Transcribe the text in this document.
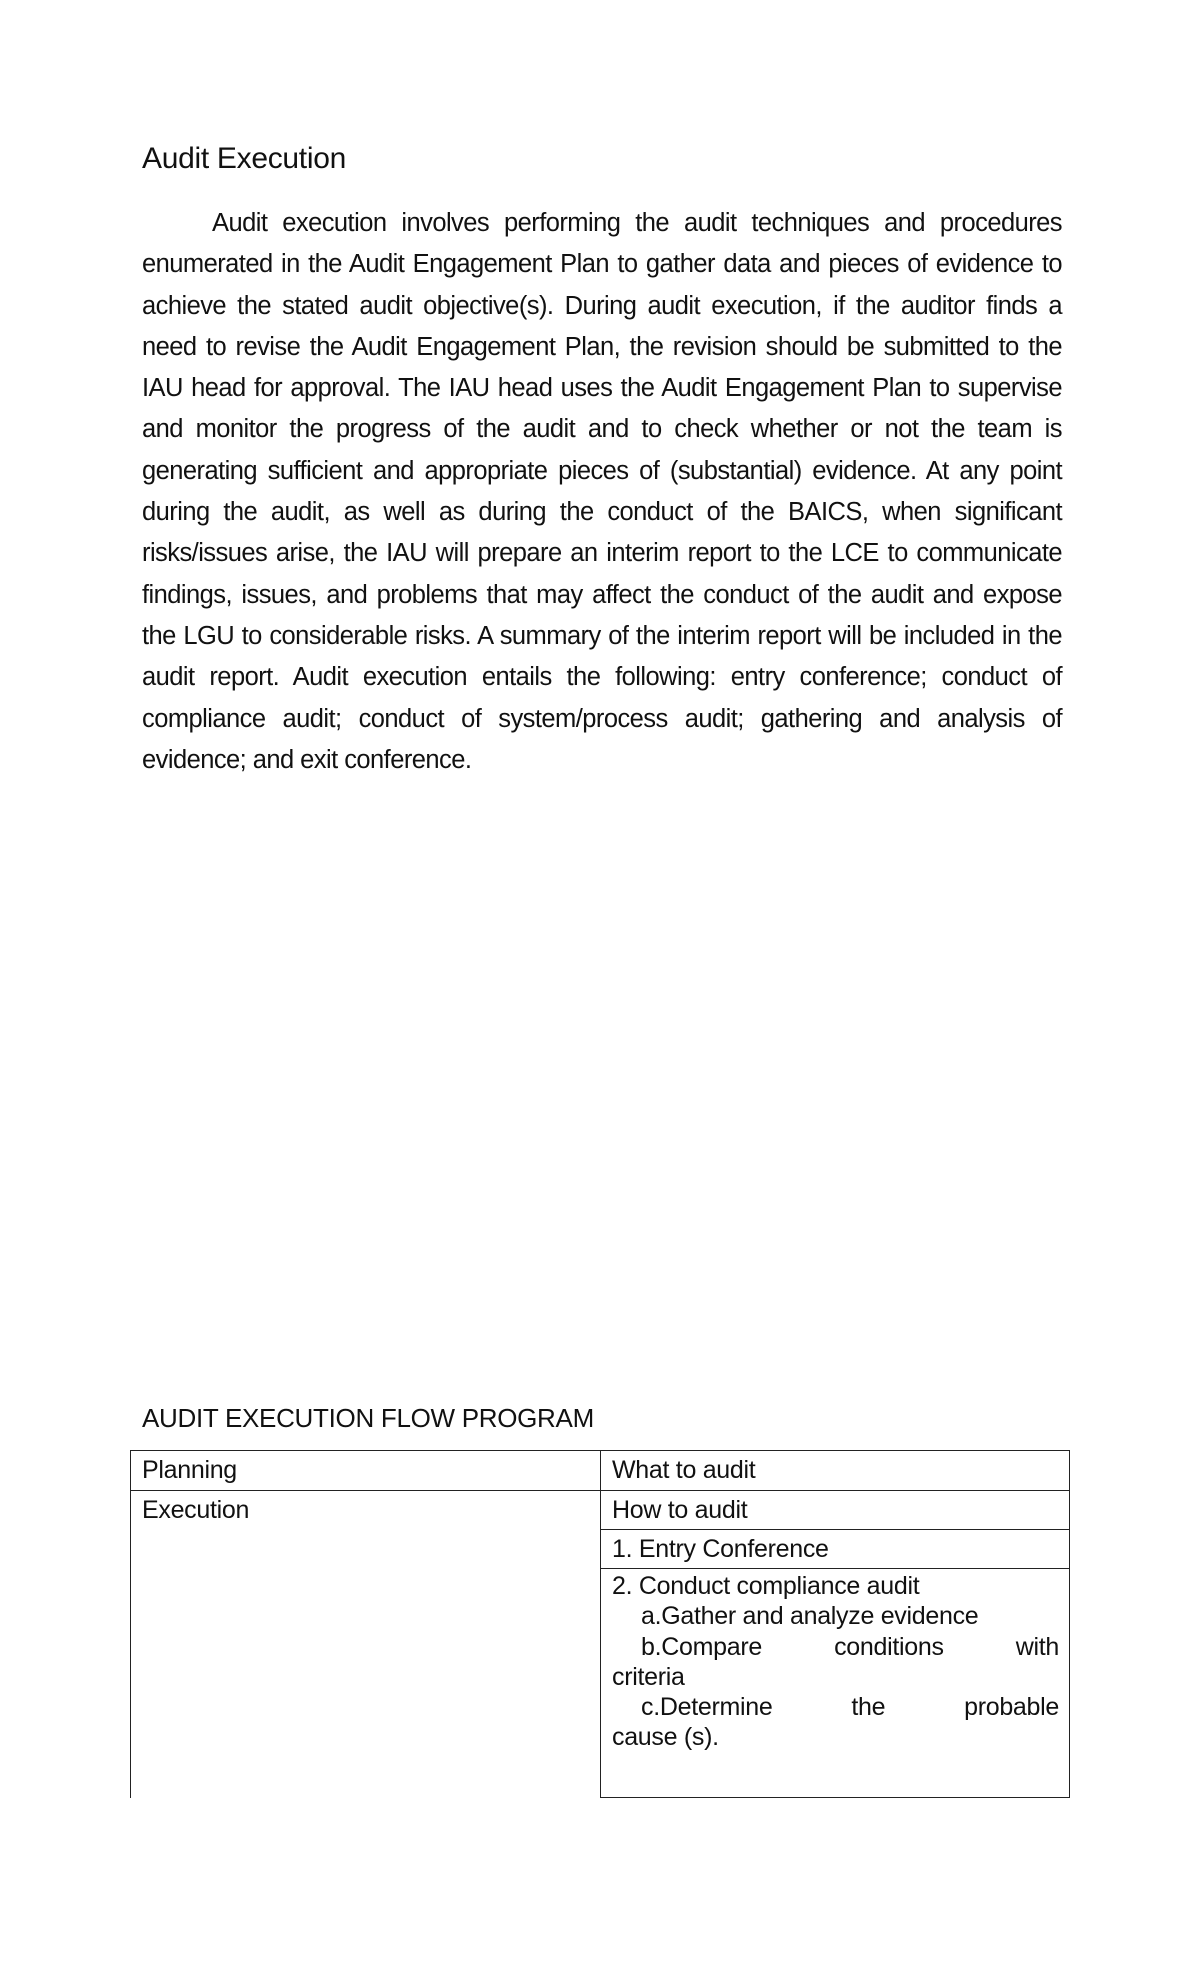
Audit Execution

Audit execution involves performing the audit techniques and procedures enumerated in the Audit Engagement Plan to gather data and pieces of evidence to achieve the stated audit objective(s). During audit execution, if the auditor finds a need to revise the Audit Engagement Plan, the revision should be submitted to the IAU head for approval. The IAU head uses the Audit Engagement Plan to supervise and monitor the progress of the audit and to check whether or not the team is generating sufficient and appropriate pieces of (substantial) evidence. At any point during the audit, as well as during the conduct of the BAICS, when significant risks/issues arise, the IAU will prepare an interim report to the LCE to communicate findings, issues, and problems that may affect the conduct of the audit and expose the LGU to considerable risks. A summary of the interim report will be included in the audit report. Audit execution entails the following: entry conference; conduct of compliance audit; conduct of system/process audit; gathering and analysis of evidence; and exit conference.

AUDIT EXECUTION FLOW PROGRAM
Planning	What to audit
Execution	How to audit
1. Entry Conference
2. Conduct compliance audit
a.Gather and analyze evidence
b.Compare conditions with
criteria
c.Determine the probable
cause (s).
